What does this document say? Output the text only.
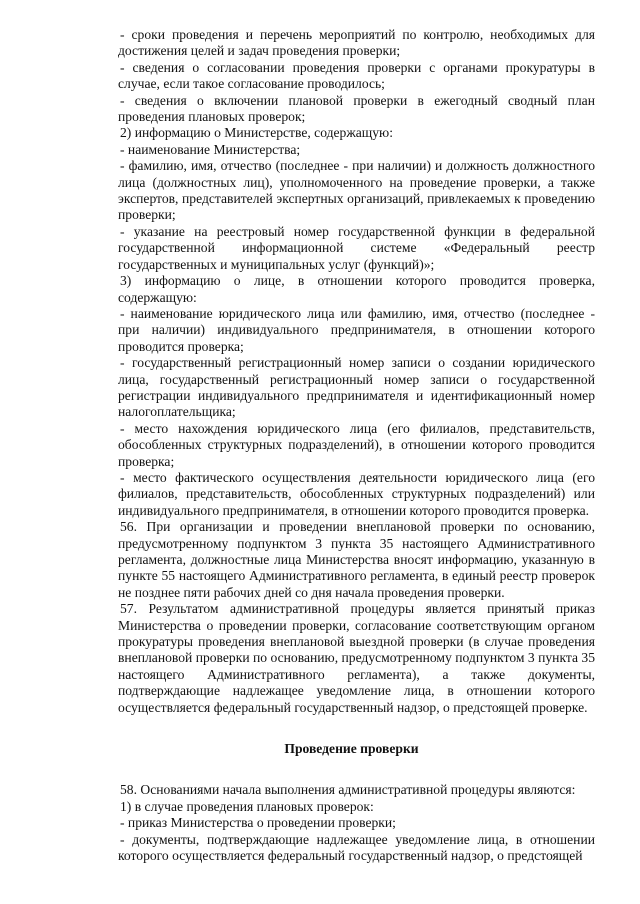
- сроки проведения и перечень мероприятий по контролю, необходимых для достижения целей и задач проведения проверки;

- сведения о согласовании проведения проверки с органами прокуратуры в случае, если такое согласование проводилось;

- сведения о включении плановой проверки в ежегодный сводный план проведения плановых проверок;

2) информацию о Министерстве, содержащую:

- наименование Министерства;

- фамилию, имя, отчество (последнее - при наличии) и должность должностного лица (должностных лиц), уполномоченного на проведение проверки, а также экспертов, представителей экспертных организаций, привлекаемых к проведению проверки;

- указание на реестровый номер государственной функции в федеральной государственной информационной системе «Федеральный реестр государственных и муниципальных услуг (функций)»;

3) информацию о лице, в отношении которого проводится проверка, содержащую:

- наименование юридического лица или фамилию, имя, отчество (последнее - при наличии) индивидуального предпринимателя, в отношении которого проводится проверка;

- государственный регистрационный номер записи о создании юридического лица, государственный регистрационный номер записи о государственной регистрации индивидуального предпринимателя и идентификационный номер налогоплательщика;

- место нахождения юридического лица (его филиалов, представительств, обособленных структурных подразделений), в отношении которого проводится проверка;

- место фактического осуществления деятельности юридического лица (его филиалов, представительств, обособленных структурных подразделений) или индивидуального предпринимателя, в отношении которого проводится проверка.

56. При организации и проведении внеплановой проверки по основанию, предусмотренному подпунктом 3 пункта 35 настоящего Административного регламента, должностные лица Министерства вносят информацию, указанную в пункте 55 настоящего Административного регламента, в единый реестр проверок не позднее пяти рабочих дней со дня начала проведения проверки.

57. Результатом административной процедуры является принятый приказ Министерства о проведении проверки, согласование соответствующим органом прокуратуры проведения внеплановой выездной проверки (в случае проведения внеплановой проверки по основанию, предусмотренному подпунктом 3 пункта 35 настоящего Административного регламента), а также документы, подтверждающие надлежащее уведомление лица, в отношении которого осуществляется федеральный государственный надзор, о предстоящей проверке.

Проведение проверки

58. Основаниями начала выполнения административной процедуры являются:

1) в случае проведения плановых проверок:

- приказ Министерства о проведении проверки;

- документы, подтверждающие надлежащее уведомление лица, в отношении которого осуществляется федеральный государственный надзор, о предстоящей
